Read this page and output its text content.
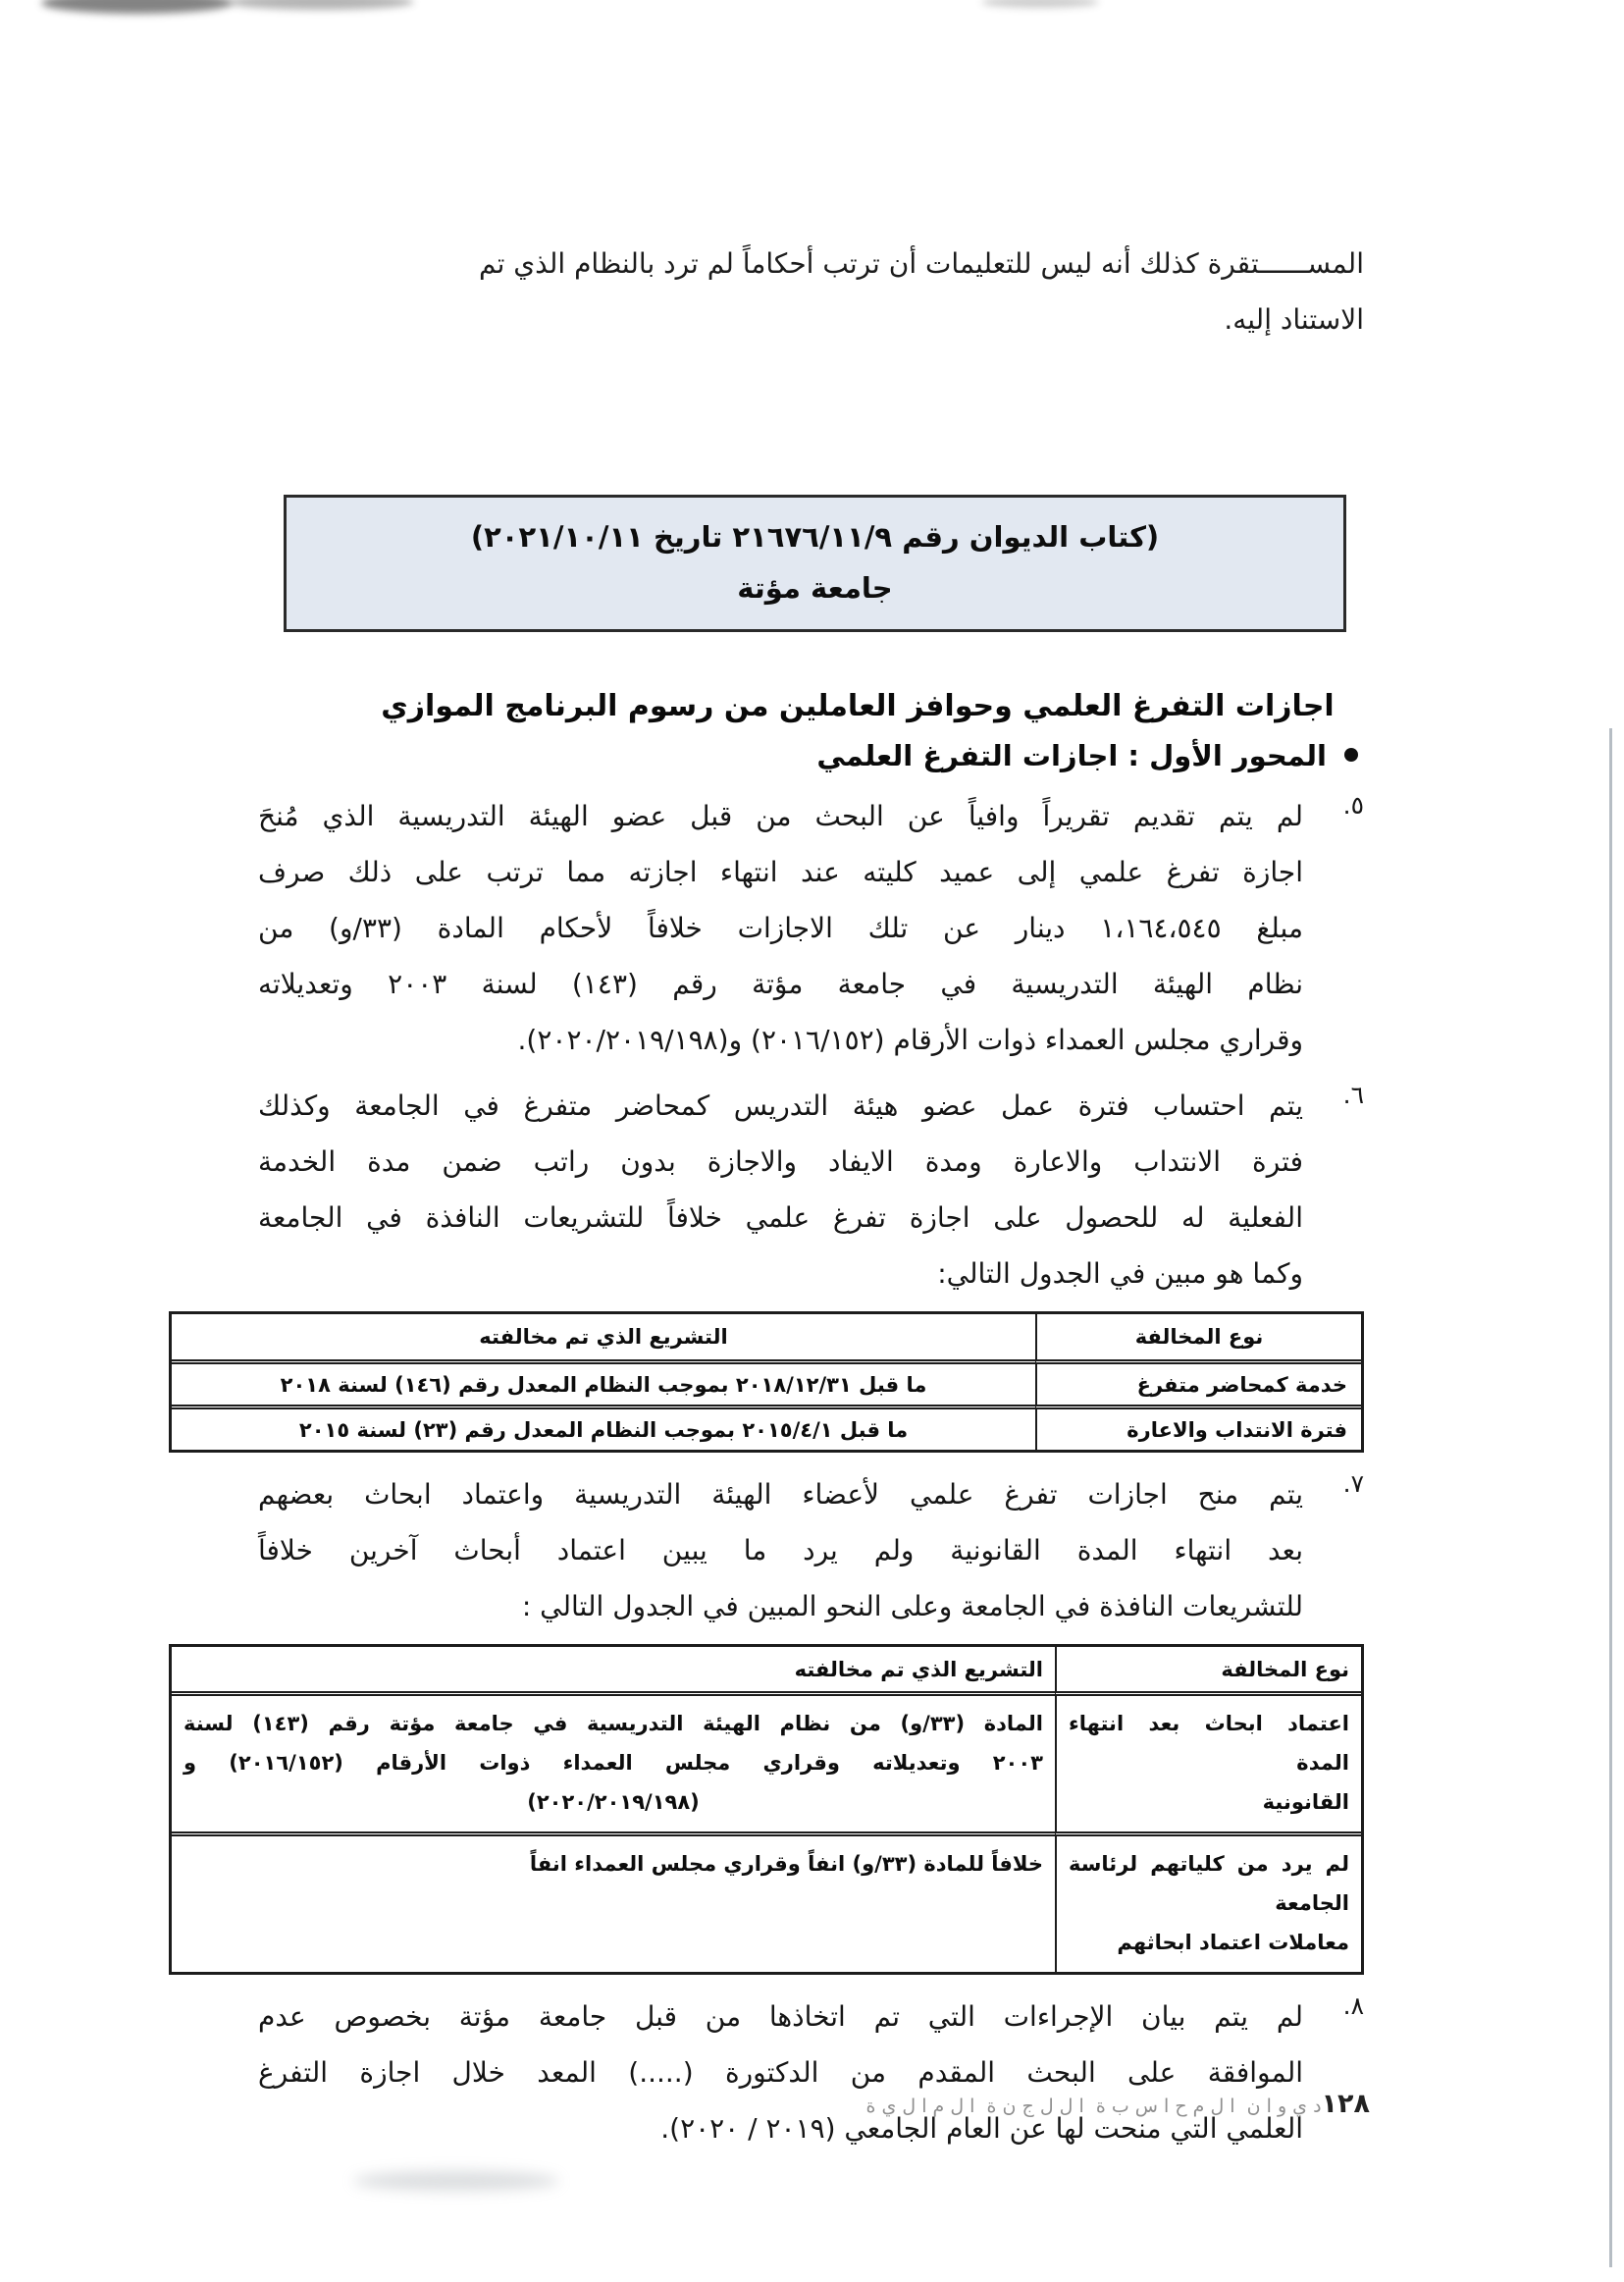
المســــــتقرة كذلك أنه ليس للتعليمات أن ترتب أحكاماً لم ترد بالنظام الذي تم
الاستناد إليه.
(كتاب الديوان رقم ٢١٦٧٦/١١/٩ تاريخ ٢٠٢١/١٠/١١)
جامعة مؤتة
اجازات التفرغ العلمي وحوافز العاملين من رسوم البرنامج الموازي
المحور الأول : اجازات التفرغ العلمي
٥.
لم يتم تقديم تقريراً وافياً عن البحث من قبل عضو الهيئة التدريسية الذي مُنحَ
اجازة تفرغ علمي إلى عميد كليته عند انتهاء اجازته مما ترتب على ذلك صرف
مبلغ ١،١٦٤،٥٤٥ دينار عن تلك الاجازات خلافاً لأحكام المادة (٣٣/و) من
نظام الهيئة التدريسية في جامعة مؤتة رقم (١٤٣) لسنة ٢٠٠٣ وتعديلاته
وقراري مجلس العمداء ذوات الأرقام (٢٠١٦/١٥٢) و(٢٠٢٠/٢٠١٩/١٩٨).
٦.
يتم احتساب فترة عمل عضو هيئة التدريس كمحاضر متفرغ في الجامعة وكذلك
فترة الانتداب والاعارة ومدة الايفاد والاجازة بدون راتب ضمن مدة الخدمة
الفعلية له للحصول على اجازة تفرغ علمي خلافاً للتشريعات النافذة في الجامعة
وكما هو مبين في الجدول التالي:
نوع المخالفة
التشريع الذي تم مخالفته
خدمة كمحاضر متفرغ
ما قبل ٢٠١٨/١٢/٣١ بموجب النظام المعدل رقم (١٤٦) لسنة ٢٠١٨
فترة الانتداب والاعارة
ما قبل ٢٠١٥/٤/١ بموجب النظام المعدل رقم (٢٣) لسنة ٢٠١٥
٧.
يتم منح اجازات تفرغ علمي لأعضاء الهيئة التدريسية واعتماد ابحاث بعضهم
بعد انتهاء المدة القانونية ولم يرد ما يبين اعتماد أبحاث آخرين خلافاً
للتشريعات النافذة في الجامعة وعلى النحو المبين في الجدول التالي :
نوع المخالفة
التشريع الذي تم مخالفته
اعتماد ابحاث بعد انتهاء المدة
القانونية
المادة (٣٣/و) من نظام الهيئة التدريسية في جامعة مؤتة رقم (١٤٣) لسنة
٢٠٠٣ وتعديلاته وقراري مجلس العمداء ذوات الأرقام (٢٠١٦/١٥٢) و
(٢٠٢٠/٢٠١٩/١٩٨)
لم يرد من كلياتهم لرئاسة الجامعة
معاملات اعتماد ابحاثهم
خلافاً للمادة (٣٣/و) انفاً وقراري مجلس العمداء انفاً
٨.
لم يتم بيان الإجراءات التي تم اتخاذها من قبل جامعة مؤتة بخصوص عدم
الموافقة على البحث المقدم من الدكتورة (.....) المعد خلال اجازة التفرغ
العلمي التي منحت لها عن العام الجامعي (٢٠١٩ / ٢٠٢٠).
١٢٨
د ي و ا ن  ا ل م ح ا س ب ة  ا ل ل ج ن ة  ا ل م ا ل ي ة
